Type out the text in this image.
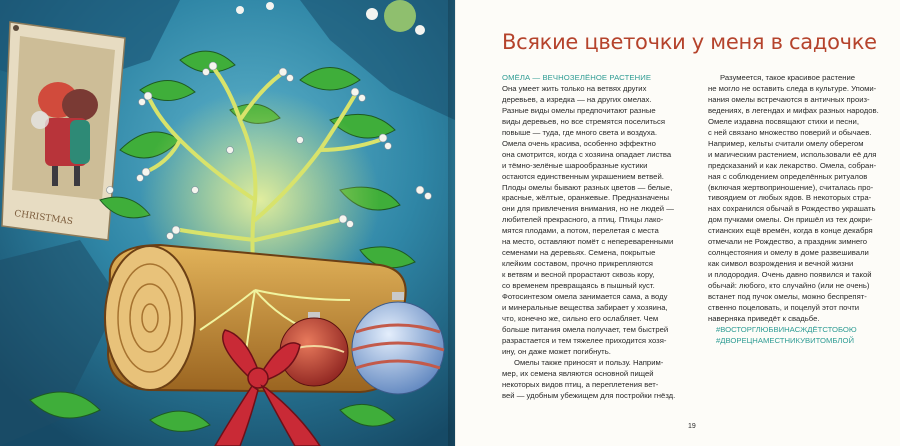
CHRISTMAS
Всякие цветочки у меня в садочке
ОМЁЛА — ВЕЧНОЗЕЛЁНОЕ РАСТЕНИЕ
Она умеет жить только на ветвях других
деревьев, а изредка — на других омелах.
Разные виды омелы предпочитают разные
виды деревьев, но все стремятся поселиться
повыше — туда, где много света и воздуха.
Омела очень красива, особенно эффектно
она смотрится, когда с хозяина опадает листва
и тёмно-зелёные шарообразные кустики
остаются единственным украшением ветвей.
Плоды омелы бывают разных цветов — белые,
красные, жёлтые, оранжевые. Предназначены
они для привлечения внимания, но не людей —
любителей прекрасного, а птиц. Птицы лако-
мятся плодами, а потом, перелетая с места
на место, оставляют помёт с непереваренными
семенами на деревьях. Семена, покрытые
клейким составом, прочно прикрепляются
к ветвям и весной прорастают сквозь кору,
со временем превращаясь в пышный куст.
Фотосинтезом омела занимается сама, а воду
и минеральные вещества забирает у хозяина,
что, конечно же, сильно его ослабляет. Чем
больше питания омела получает, тем быстрей
разрастается и тем тяжелее приходится хозя-
ину, он даже может погибнуть.
Омелы также приносят и пользу. Наприм-
мер, их семена являются основной пищей
некоторых видов птиц, а переплетения вет-
вей — удобным убежищем для постройки гнёзд.
Разумеется, такое красивое растение
не могло не оставить следа в культуре. Упоми-
нания омелы встречаются в античных произ-
ведениях, в легендах и мифах разных народов.
Омеле издавна посвящают стихи и песни,
с ней связано множество поверий и обычаев.
Например, кельты считали омелу оберегом
и магическим растением, использовали её для
предсказаний и как лекарство. Омела, собран-
ная с соблюдением определённых ритуалов
(включая жертвоприношение), считалась про-
тивоядием от любых ядов. В некоторых стра-
нах сохранился обычай в Рождество украшать
дом пучками омелы. Он пришёл из тех докри-
стианских ещё времён, когда в конце декабря
отмечали не Рождество, а праздник зимнего
солнцестояния и омелу в доме развешивали
как символ возрождения и вечной жизни
и плодородия. Очень давно появился и такой
обычай: любого, кто случайно (или не очень)
встанет под пучок омелы, можно беспрепят-
ственно поцеловать, и поцелуй этот почти
наверняка приведёт к свадьбе.
#ВОСТОРГЛЮБВИНАСЖДЁТСТОБОЮ
#ДВОРЕЦНАМЕСТНИКУВИТОМБЛОЙ
19
